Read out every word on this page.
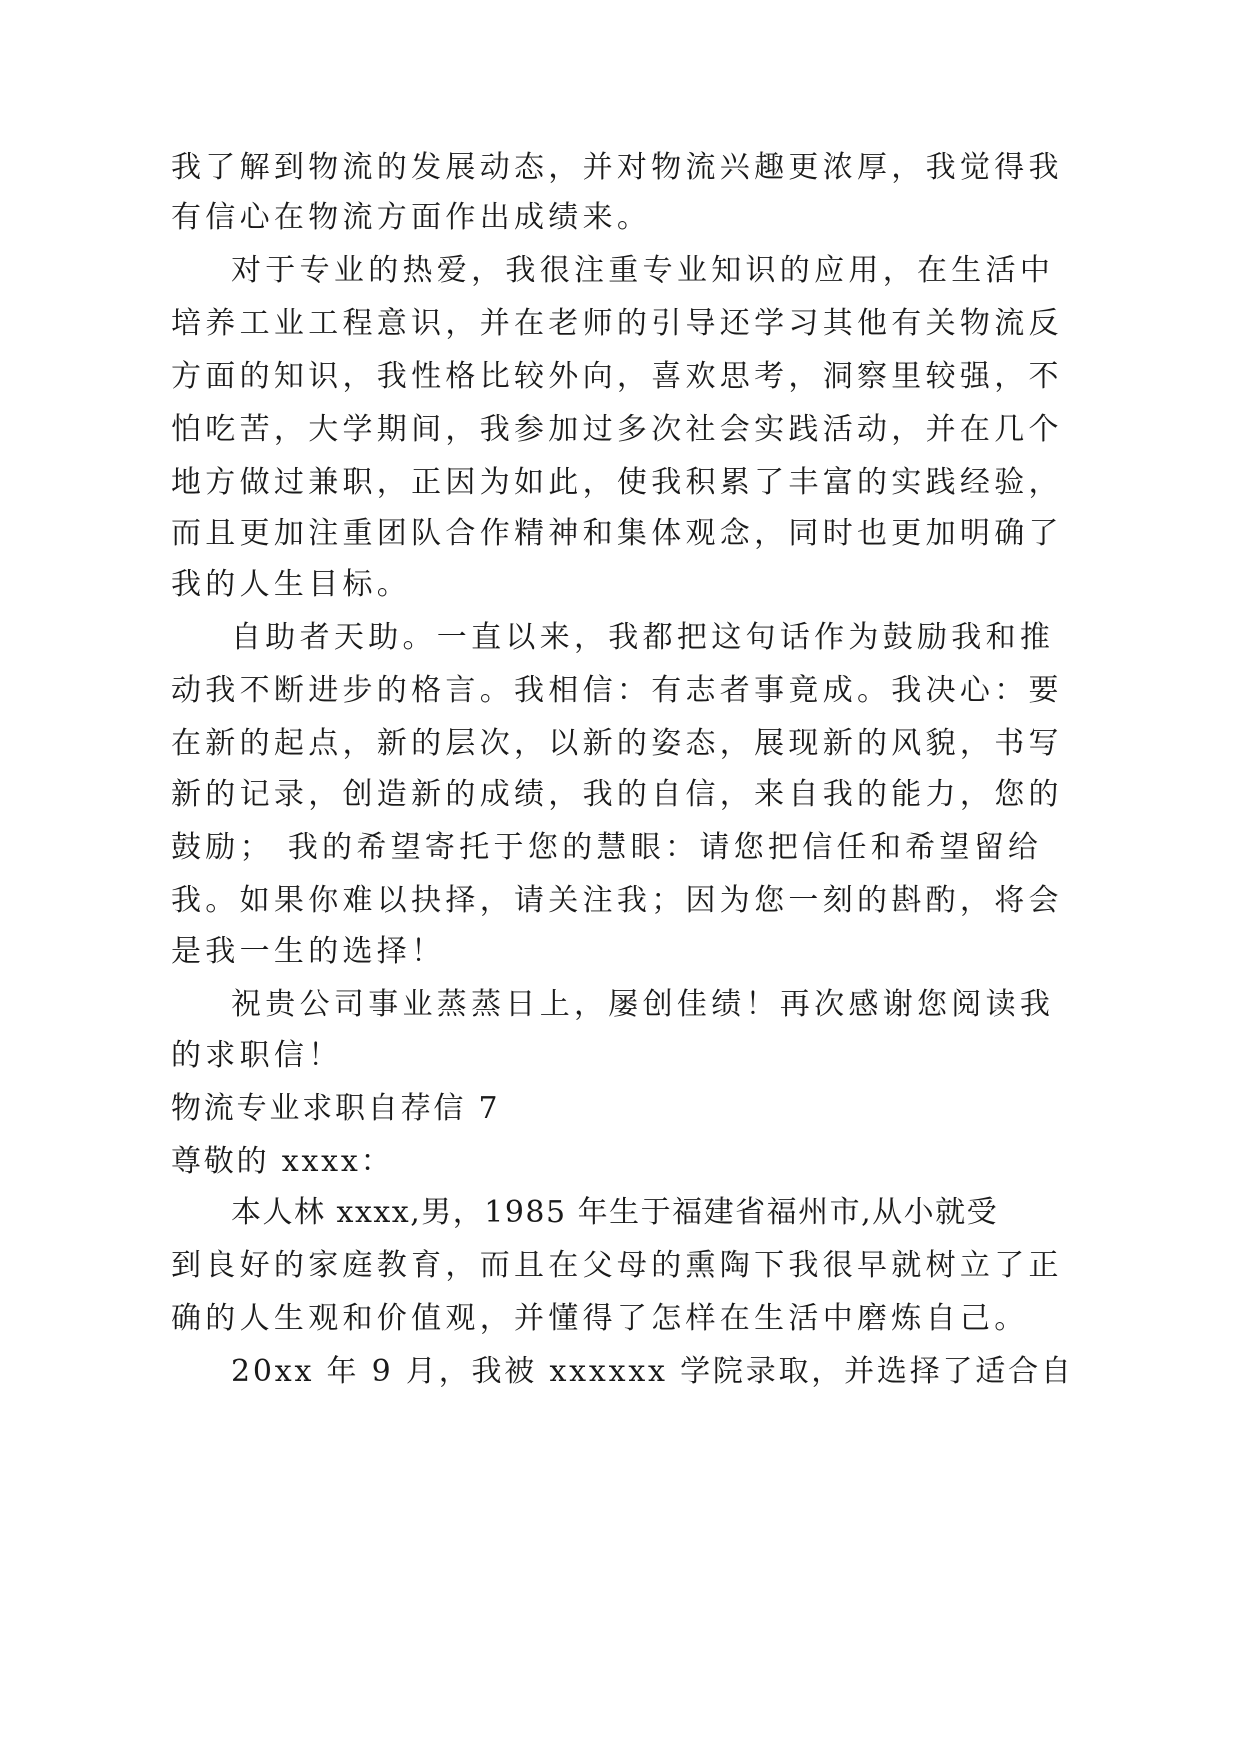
我了解到物流的发展动态，并对物流兴趣更浓厚，我觉得我
有信心在物流方面作出成绩来。
对于专业的热爱，我很注重专业知识的应用，在生活中
培养工业工程意识，并在老师的引导还学习其他有关物流反
方面的知识，我性格比较外向，喜欢思考，洞察里较强，不
怕吃苦，大学期间，我参加过多次社会实践活动，并在几个
地方做过兼职，正因为如此，使我积累了丰富的实践经验，
而且更加注重团队合作精神和集体观念，同时也更加明确了
我的人生目标。
自助者天助。一直以来，我都把这句话作为鼓励我和推
动我不断进步的格言。我相信：有志者事竟成。我决心：要
在新的起点，新的层次，以新的姿态，展现新的风貌，书写
新的记录，创造新的成绩，我的自信，来自我的能力，您的
鼓励； 我的希望寄托于您的慧眼：请您把信任和希望留给
我。如果你难以抉择，请关注我；因为您一刻的斟酌，将会
是我一生的选择！
祝贵公司事业蒸蒸日上，屡创佳绩！再次感谢您阅读我
的求职信！
物流专业求职自荐信 7
尊敬的 xxxx：
本人林 xxxx,男，1985 年生于福建省福州市,从小就受
到良好的家庭教育，而且在父母的熏陶下我很早就树立了正
确的人生观和价值观，并懂得了怎样在生活中磨炼自己。
20xx 年 9 月，我被 xxxxxx 学院录取，并选择了适合自
